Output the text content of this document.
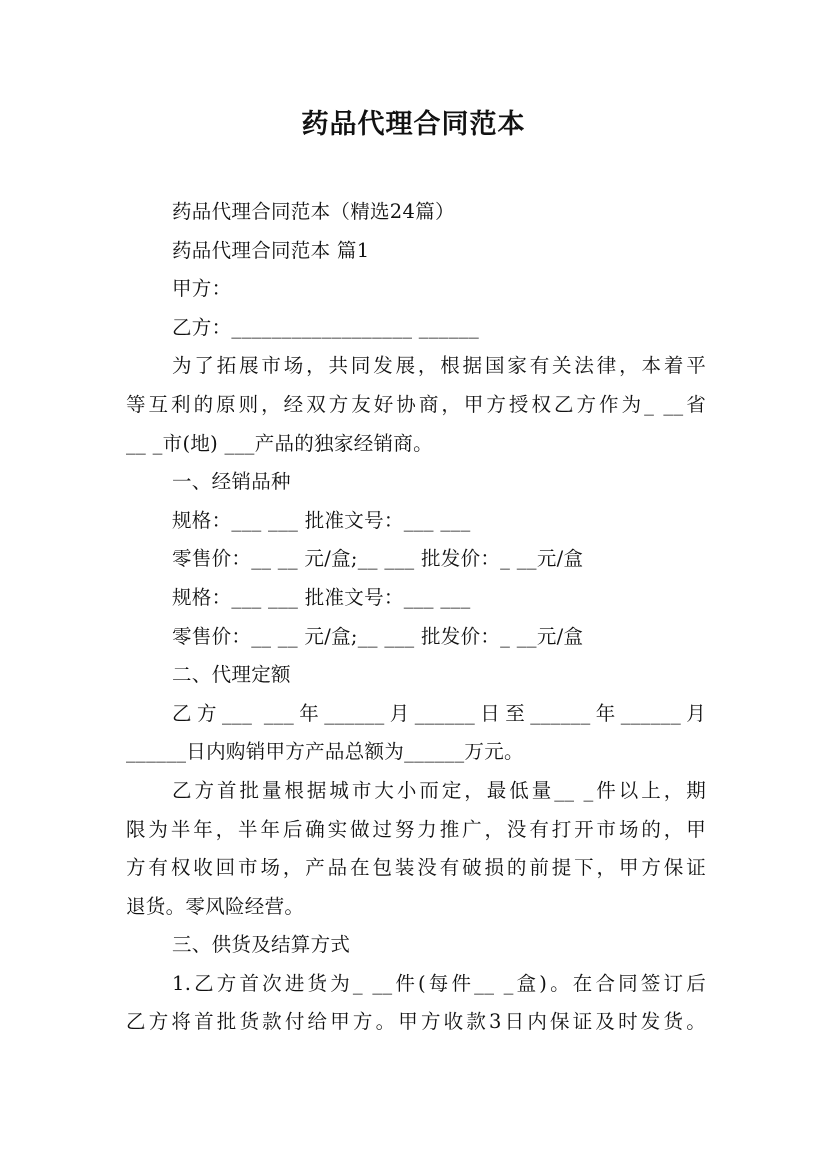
药品代理合同范本
药品代理合同范本（精选24篇）
药品代理合同范本 篇1
甲方：
乙方：__________________ ______
为了拓展市场，共同发展，根据国家有关法律，本着平
等互利的原则，经双方友好协商，甲方授权乙方作为_ __省
__ _市(地) ___产品的独家经销商。
一、经销品种
规格：___ ___ 批准文号：___ ___
零售价：__ __ 元/盒;__ ___ 批发价：_ __元/盒
规格：___ ___ 批准文号：___ ___
零售价：__ __ 元/盒;__ ___ 批发价：_ __元/盒
二、代理定额
乙方___ ___年______月______日至______年______月
______日内购销甲方产品总额为______万元。
乙方首批量根据城市大小而定，最低量__ _件以上，期
限为半年，半年后确实做过努力推广，没有打开市场的，甲
方有权收回市场，产品在包装没有破损的前提下，甲方保证
退货。零风险经营。
三、供货及结算方式
1.乙方首次进货为_ __件(每件__ _盒)。在合同签订后
乙方将首批货款付给甲方。甲方收款3日内保证及时发货。
